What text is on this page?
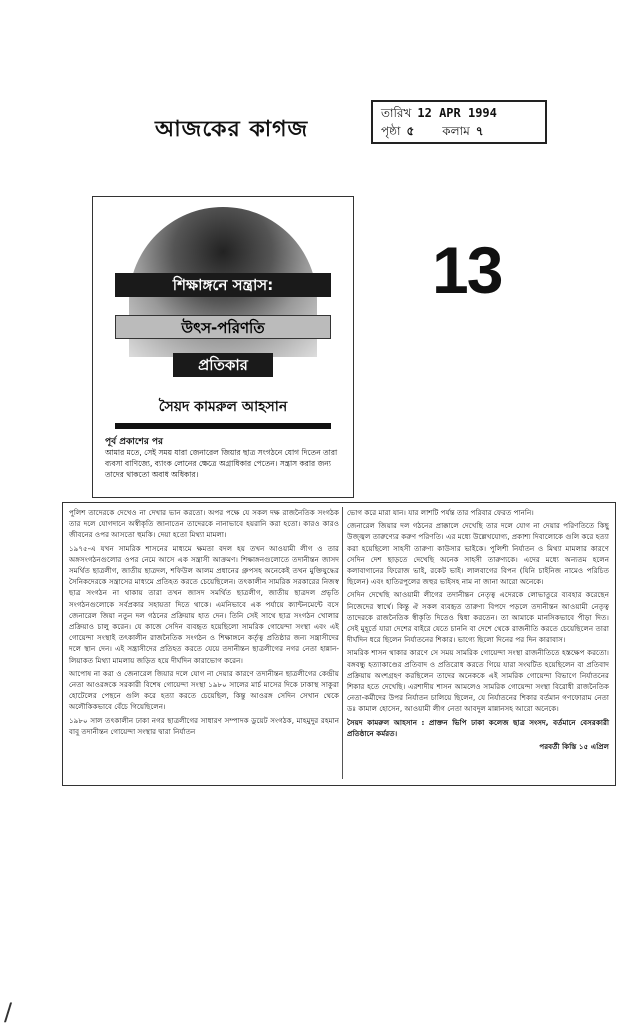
আজকের কাগজ
তারিখ 12 APR 1994
পৃষ্ঠা ৫ কলাম ৭
13
শিক্ষাঙ্গনে সন্ত্রাস:
উৎস-পরিণতি
প্রতিকার
সৈয়দ কামরুল আহসান
পূর্ব প্রকাশের পর
আমার মতে, সেই সময় যারা জেনারেল জিয়ার ছাত্র সংগঠনে যোগ দিতেন তারা ব্যবসা বাণিজ্যে, ব্যাংক লোনের ক্ষেত্রে অগ্রাধিকার পেতেন। সন্ত্রাস করার জন্য তাদের থাকতো অবাধ অধিকার।

পুলিশ তাদেরকে দেখেও না দেখার ভান করতো। অপর পক্ষে যে সকল দক্ষ রাজনৈতিক সংগঠক তার দলে যোগদানে অস্বীকৃতি জানাতেন তাদেরকে নানাভাবে হয়রানি করা হতো। কারও কারও জীবনের ওপর আসতো হুমকি। দেয়া হতো মিথ্যা মামলা।

১৯৭৫-এ যখন সামরিক শাসনের মাধ্যমে ক্ষমতা বদল হয় তখন আওয়ামী লীগ ও তার অঙ্গসংগঠনগুলোর ওপর নেমে আসে এক সন্ত্রাসী আক্রমণ। শিক্ষাঙ্গনগুলোতে তদানীন্তন জাসদ সমর্থিত ছাত্রলীগ, জাতীয় ছাত্রদল, শফিউল আলম প্রধানের গ্রুপসহ অনেকেই তখন মুক্তিযুদ্ধের সৈনিকদেরকে সন্ত্রাসের মাধ্যমে প্রতিহত করতে চেয়েছিলেন। তৎকালীন সামরিক সরকারের নিজস্ব ছাত্র সংগঠন না থাকায় তারা তখন জাসদ সমর্থিত ছাত্রলীগ, জাতীয় ছাত্রদল প্রভৃতি সংগঠনগুলোকে সর্বপ্রকার সহায়তা দিতে থাকে। এমনিভাবে এক পর্যায়ে ক্যান্টনমেন্টে বসে জেনারেল জিয়া নতুন দল গঠনের প্রক্রিয়ায় হাত দেন। তিনি সেই সাথে ছাত্র সংগঠন খোলার প্রক্রিয়াও চালু করেন। যে কাজে সেদিন ব্যবহৃত হয়েছিলো সামরিক গোয়েন্দা সংস্থা এবং এই গোয়েন্দা সংস্থাই তৎকালীন রাজনৈতিক সংগঠন ও শিক্ষাঙ্গনে কর্তৃত্ব প্রতিষ্ঠার জন্য সন্ত্রাসীদের দলে স্থান দেন। এই সন্ত্রাসীদের প্রতিহত করতে যেয়ে তদানীন্তন ছাত্রলীগের নগর নেতা হান্নান-লিয়াকত মিথ্যা মামলায় জড়িত হয়ে দীর্ঘদিন কারাভোগ করেন।

আপোষ না করা ও জেনারেল জিয়ার দলে যোগ না দেয়ার কারণে তদানীন্তন ছাত্রলীগের কেন্দ্রীয় নেতা আওরঙ্গকে সরকারী বিশেষ গোয়েন্দা সংস্থা ১৯৮০ সালের মার্চ মাসের দিকে ঢাকাস্থ সাকুরা হোটেলের পেছনে গুলি করে হত্যা করতে চেয়েছিল, কিন্তু আওরঙ্গ সেদিন সেখান থেকে অলৌকিকভাবে বেঁচে গিয়েছিলেন।

১৯৮০ সাল তৎকালীন ঢাকা নগর ছাত্রলীগের সাধারণ সম্পাদক ডুয়েট সংগঠক, মাহমুদুর রহমান বাবু তদানীন্তন গোয়েন্দা সংস্থার দ্বারা নির্যাতন

ভোগ করে মারা যান। যার লাশটি পর্যন্ত তার পরিবার ফেরত পাননি।

জেনারেল জিয়ার দল গঠনের প্রাক্কালে দেখেছি তার দলে যোগ না দেয়ার পরিণতিতে কিছু উজ্জ্বল তারুণ্যের করুণ পরিণতি। এর মধ্যে উল্লেখযোগ্য, প্রকাশ্য দিবালোকে গুলি করে হত্যা করা হয়েছিলো সাহসী তারুণ্য কাউসার ভাইকে। পুলিশী নির্যাতন ও মিথ্যা মামলার কারণে সেদিন দেশ ছাড়তে দেখেছি অনেক সাহসী তারুণ্যকে। এদের মধ্যে অন্যতম হলেন কলাবাগানের ফিরোজ ভাই, রকেট ভাই। লালবাগের বিপন (যিনি চাইনিজ নামেও পরিচিত ছিলেন) এবং হাতিরপুলের জহুর ভাইসহ নাম না জানা আরো অনেকে।

সেদিন দেখেছি আওয়ামী লীগের তদানীন্তন নেতৃত্ব এদেরকে লোভাতুরে ব্যবহার করেছেন নিজেদের স্বার্থে। কিন্তু ঐ সকল ব্যবহৃত তারুণ্য বিপদে পড়লে তদানীন্তন আওয়ামী নেতৃত্ব তাদেরকে রাজনৈতিক স্বীকৃতি দিতেও দ্বিধা করতেন। তা আমাকে মানসিকভাবে পীড়া দিত। সেই মুহূর্তে যারা দেশের বাইরে যেতে চাননি বা দেশে থেকে রাজনীতি করতে চেয়েছিলেন তারা দীর্ঘদিন ধরে ছিলেন নির্যাতনের শিকার। ভাগ্যে ছিলো দিনের পর দিন কারাবাস।

সামরিক শাসন থাকার কারণে সে সময় সামরিক গোয়েন্দা সংস্থা রাজনীতিতে হস্তক্ষেপ করতো। বঙ্গবন্ধু হত্যাকাণ্ডের প্রতিবাদ ও প্রতিরোধ করতে গিয়ে যারা সংঘটিত হয়েছিলেন বা প্রতিবাদ প্রক্রিয়ায় অংশগ্রহণ করছিলেন তাদের অনেককে এই সামরিক গোয়েন্দা বিভাগে নির্যাতনের শিকার হতে দেখেছি। এরশাদীয় শাসন আমলেও সামরিক গোয়েন্দা সংস্থা বিরোধী রাজনৈতিক নেতা-কর্মীদের উপর নির্যাতন চালিয়ে ছিলেন, যে নির্যাতনের শিকার বর্তমান গণফোরাম নেতা ডঃ কামাল হোসেন, আওয়ামী লীগ নেতা আবদুল মান্নানসহ আরো অনেকে।

সৈয়দ কামরুল আহসান : প্রাক্তন ভিপি ঢাকা কলেজ ছাত্র সংসদ, বর্তমানে বেসরকারী প্রতিষ্ঠানে কর্মরত।

পরবর্তী কিস্তি ১৫ এপ্রিল

/
